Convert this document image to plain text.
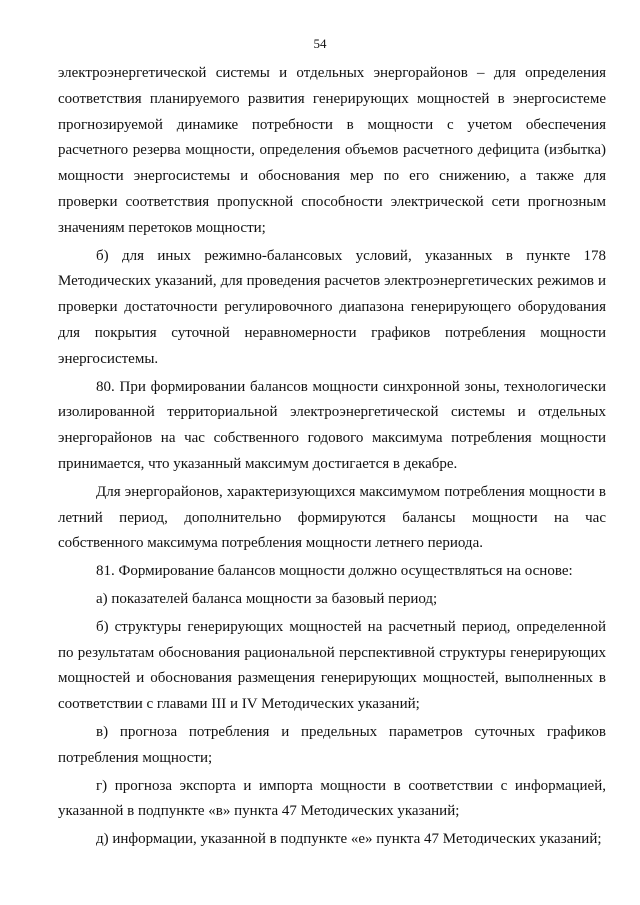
54

электроэнергетической системы и отдельных энергорайонов – для определения соответствия планируемого развития генерирующих мощностей в энергосистеме прогнозируемой динамике потребности в мощности с учетом обеспечения расчетного резерва мощности, определения объемов расчетного дефицита (избытка) мощности энергосистемы и обоснования мер по его снижению, а также для проверки соответствия пропускной способности электрической сети прогнозным значениям перетоков мощности;

б) для иных режимно-балансовых условий, указанных в пункте 178 Методических указаний, для проведения расчетов электроэнергетических режимов и проверки достаточности регулировочного диапазона генерирующего оборудования для покрытия суточной неравномерности графиков потребления мощности энергосистемы.

80. При формировании балансов мощности синхронной зоны, технологически изолированной территориальной электроэнергетической системы и отдельных энергорайонов на час собственного годового максимума потребления мощности принимается, что указанный максимум достигается в декабре.

Для энергорайонов, характеризующихся максимумом потребления мощности в летний период, дополнительно формируются балансы мощности на час собственного максимума потребления мощности летнего периода.

81. Формирование балансов мощности должно осуществляться на основе:

а) показателей баланса мощности за базовый период;

б) структуры генерирующих мощностей на расчетный период, определенной по результатам обоснования рациональной перспективной структуры генерирующих мощностей и обоснования размещения генерирующих мощностей, выполненных в соответствии с главами III и IV Методических указаний;

в) прогноза потребления и предельных параметров суточных графиков потребления мощности;

г) прогноза экспорта и импорта мощности в соответствии с информацией, указанной в подпункте «в» пункта 47 Методических указаний;

д) информации, указанной в подпункте «е» пункта 47 Методических указаний;
